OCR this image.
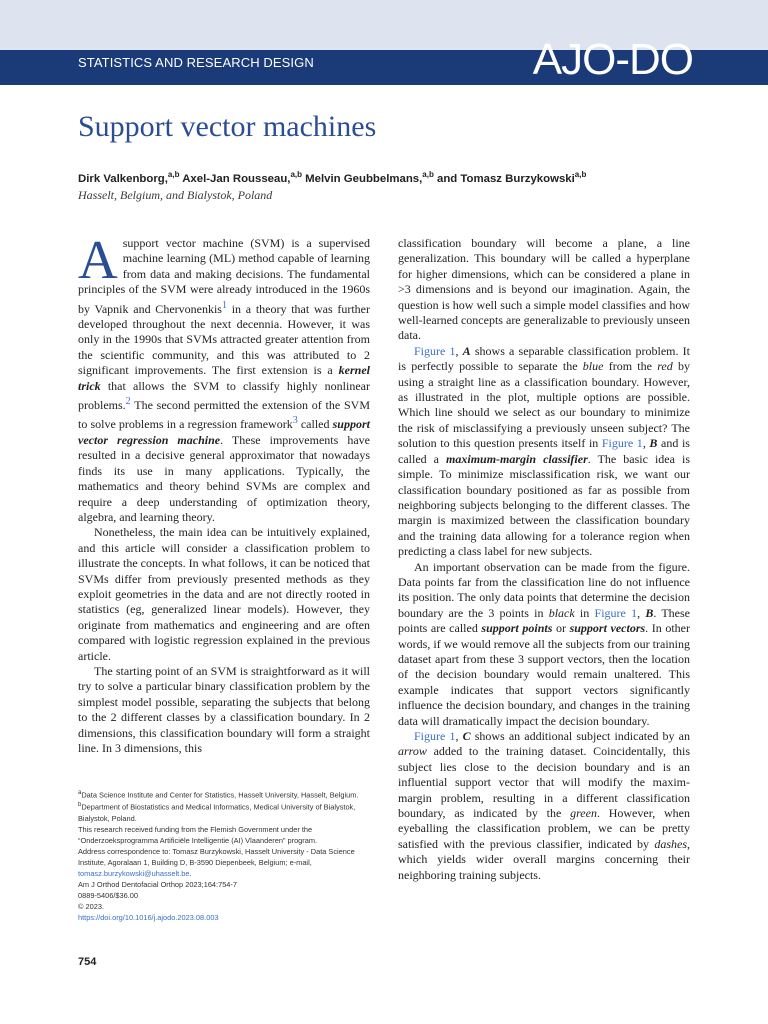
STATISTICS AND RESEARCH DESIGN	AJO-DO
Support vector machines
Dirk Valkenborg,$^{a,b}$ Axel-Jan Rousseau,$^{a,b}$ Melvin Geubbelmans,$^{a,b}$ and Tomasz Burzykowski$^{a,b}$
Hasselt, Belgium, and Bialystok, Poland

A support vector machine (SVM) is a supervised machine learning (ML) method capable of learning from data and making decisions. The fundamental principles of the SVM were already introduced in the 1960s by Vapnik and Chervonenkis$^1$ in a theory that was further developed throughout the next decennia. However, it was only in the 1990s that SVMs attracted greater attention from the scientific community, and this was attributed to 2 significant improvements. The first extension is a kernel trick that allows the SVM to classify highly nonlinear problems.$^2$ The second permitted the extension of the SVM to solve problems in a regression framework$^3$ called support vector regression machine. These improvements have resulted in a decisive general approximator that nowadays finds its use in many applications. Typically, the mathematics and theory behind SVMs are complex and require a deep understanding of optimization theory, algebra, and learning theory.

Nonetheless, the main idea can be intuitively explained, and this article will consider a classification problem to illustrate the concepts. In what follows, it can be noticed that SVMs differ from previously presented methods as they exploit geometries in the data and are not directly rooted in statistics (eg, generalized linear models). However, they originate from mathematics and engineering and are often compared with logistic regression explained in the previous article.

The starting point of an SVM is straightforward as it will try to solve a particular binary classification problem by the simplest model possible, separating the subjects that belong to the 2 different classes by a classification boundary. In 2 dimensions, this classification boundary will form a straight line. In 3 dimensions, this

classification boundary will become a plane, a line generalization. This boundary will be called a hyperplane for higher dimensions, which can be considered a plane in >3 dimensions and is beyond our imagination. Again, the question is how well such a simple model classifies and how well-learned concepts are generalizable to previously unseen data.

Figure 1, A shows a separable classification problem. It is perfectly possible to separate the blue from the red by using a straight line as a classification boundary. However, as illustrated in the plot, multiple options are possible. Which line should we select as our boundary to minimize the risk of misclassifying a previously unseen subject? The solution to this question presents itself in Figure 1, B and is called a maximum-margin classifier. The basic idea is simple. To minimize misclassification risk, we want our classification boundary positioned as far as possible from neighboring subjects belonging to the different classes. The margin is maximized between the classification boundary and the training data allowing for a tolerance region when predicting a class label for new subjects.

An important observation can be made from the figure. Data points far from the classification line do not influence its position. The only data points that determine the decision boundary are the 3 points in black in Figure 1, B. These points are called support points or support vectors. In other words, if we would remove all the subjects from our training dataset apart from these 3 support vectors, then the location of the decision boundary would remain unaltered. This example indicates that support vectors significantly influence the decision boundary, and changes in the training data will dramatically impact the decision boundary.

Figure 1, C shows an additional subject indicated by an arrow added to the training dataset. Coincidentally, this subject lies close to the decision boundary and is an influential support vector that will modify the maxim-margin problem, resulting in a different classification boundary, as indicated by the green. However, when eyeballing the classification problem, we can be pretty satisfied with the previous classifier, indicated by dashes, which yields wider overall margins concerning their neighboring training subjects.

$^a$Data Science Institute and Center for Statistics, Hasselt University, Hasselt, Belgium.

$^b$Department of Biostatistics and Medical Informatics, Medical University of Bialystok, Bialystok, Poland.

This research received funding from the Flemish Government under the “Onderzoeksprogramma Artificiële Intelligentie (AI) Vlaanderen” program.

Address correspondence to: Tomasz Burzykowski, Hasselt University - Data Science Institute, Agoralaan 1, Building D, B-3590 Diepenbeek, Belgium; e-mail, tomasz.burzykowski@uhasselt.be.

Am J Orthod Dentofacial Orthop 2023;164:754-7

0889-5406/$36.00

© 2023.

https://doi.org/10.1016/j.ajodo.2023.08.003

754
